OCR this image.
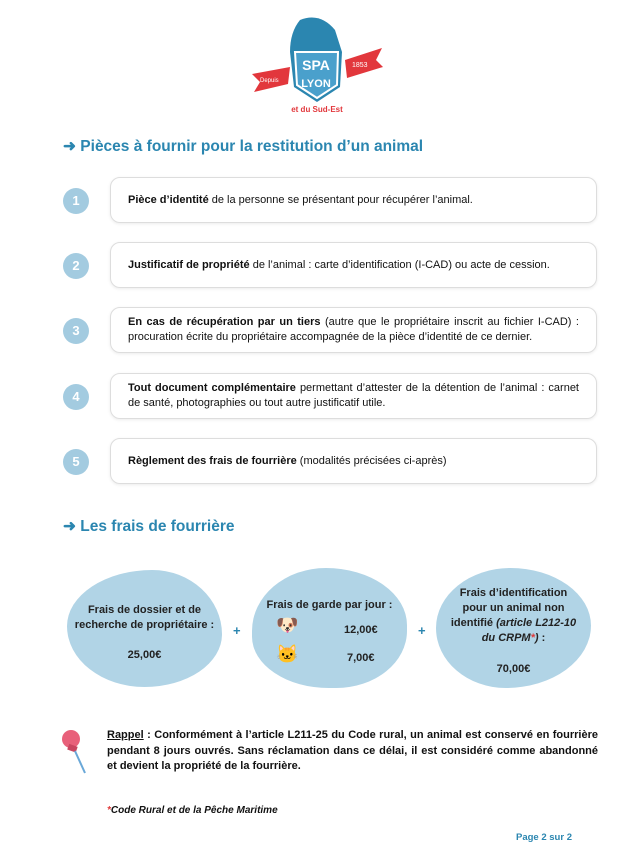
Depuis
1853
SPA
LYON
et du Sud-Est
➜ Pièces à fournir pour la restitution d’un animal
1	Pièce d’identité de la personne se présentant pour récupérer l’animal.
2	Justificatif de propriété de l’animal : carte d’identification (I-CAD) ou acte de cession.
3
En cas de récupération par un tiers (autre que le propriétaire inscrit au fichier I-CAD) : procuration écrite du propriétaire accompagnée de la pièce d’identité de ce dernier.
4
Tout document complémentaire permettant d’attester de la détention de l’animal : carnet de santé, photographies ou tout autre justificatif utile.
5	Règlement des frais de fourrière (modalités précisées ci-après)
➜ Les frais de fourrière
Frais de dossier et de recherche de propriétaire :
25,00€
+
Frais de garde par jour :
🐶	12,00€
🐱	7,00€
+
Frais d’identification pour un animal non identifié (article L212-10 du CRPM*) :
70,00€
Rappel : Conformément à l’article L211-25 du Code rural, un animal est conservé en fourrière pendant 8 jours ouvrés. Sans réclamation dans ce délai, il est considéré comme abandonné et devient la propriété de la fourrière.
*Code Rural et de la Pêche Maritime
Page 2 sur 2
